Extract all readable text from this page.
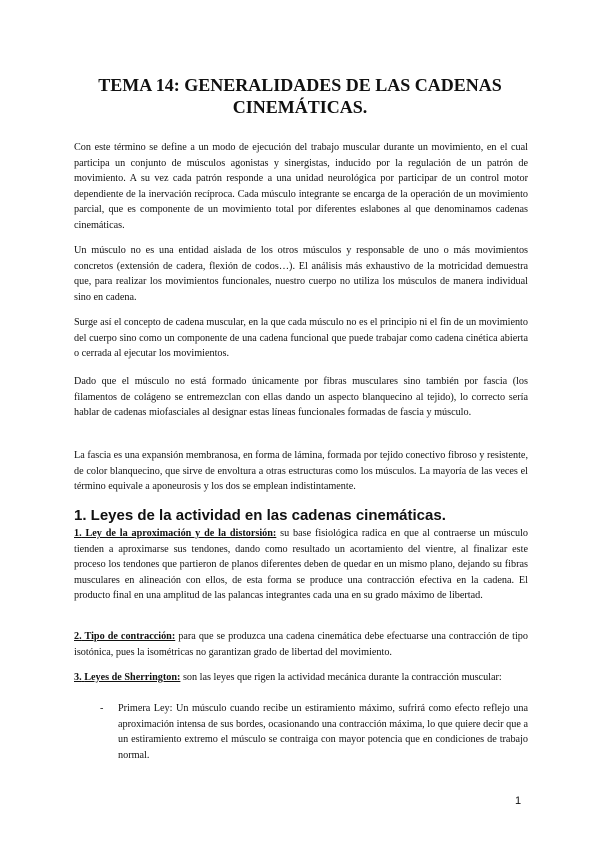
TEMA 14: GENERALIDADES DE LAS CADENAS CINEMÁTICAS.

Con este término se define a un modo de ejecución del trabajo muscular durante un movimiento, en el cual participa un conjunto de músculos agonistas y sinergistas, inducido por la regulación de un patrón de movimiento. A su vez cada patrón responde a una unidad neurológica por participar de un control motor dependiente de la inervación recíproca. Cada músculo integrante se encarga de la operación de un movimiento parcial, que es componente de un movimiento total por diferentes eslabones al que denominamos cadenas cinemáticas.

Un músculo no es una entidad aislada de los otros músculos y responsable de uno o más movimientos concretos (extensión de cadera, flexión de codos…). El análisis más exhaustivo de la motricidad demuestra que, para realizar los movimientos funcionales, nuestro cuerpo no utiliza los músculos de manera individual sino en cadena.

Surge así el concepto de cadena muscular, en la que cada músculo no es el principio ni el fin de un movimiento del cuerpo sino como un componente de una cadena funcional que puede trabajar como cadena cinética abierta o cerrada al ejecutar los movimientos.

Dado que el músculo no está formado únicamente por fibras musculares sino también por fascia (los filamentos de colágeno se entremezclan con ellas dando un aspecto blanquecino al tejido), lo correcto sería hablar de cadenas miofasciales al designar estas líneas funcionales formadas de fascia y músculo.

La fascia es una expansión membranosa, en forma de lámina, formada por tejido conectivo fibroso y resistente, de color blanquecino, que sirve de envoltura a otras estructuras como los músculos. La mayoría de las veces el término equivale a aponeurosis y los dos se emplean indistintamente.

1. Leyes de la actividad en las cadenas cinemáticas.

1. Ley de la aproximación y de la distorsión: su base fisiológica radica en que al contraerse un músculo tienden a aproximarse sus tendones, dando como resultado un acortamiento del vientre, al finalizar este proceso los tendones que partieron de planos diferentes deben de quedar en un mismo plano, dejando su fibras musculares en alineación con ellos, de esta forma se produce una contracción efectiva en la cadena. El producto final en una amplitud de las palancas integrantes cada una en su grado máximo de libertad.

2. Tipo de contracción: para que se produzca una cadena cinemática debe efectuarse una contracción de tipo isotónica, pues la isométricas no garantizan grado de libertad del movimiento.

3. Leyes de Sherrington: son las leyes que rigen la actividad mecánica durante la contracción muscular:

- Primera Ley: Un músculo cuando recibe un estiramiento máximo, sufrirá como efecto reflejo una aproximación intensa de sus bordes, ocasionando una contracción máxima, lo que quiere decir que a un estiramiento extremo el músculo se contraiga con mayor potencia que en condiciones de trabajo normal.

1
